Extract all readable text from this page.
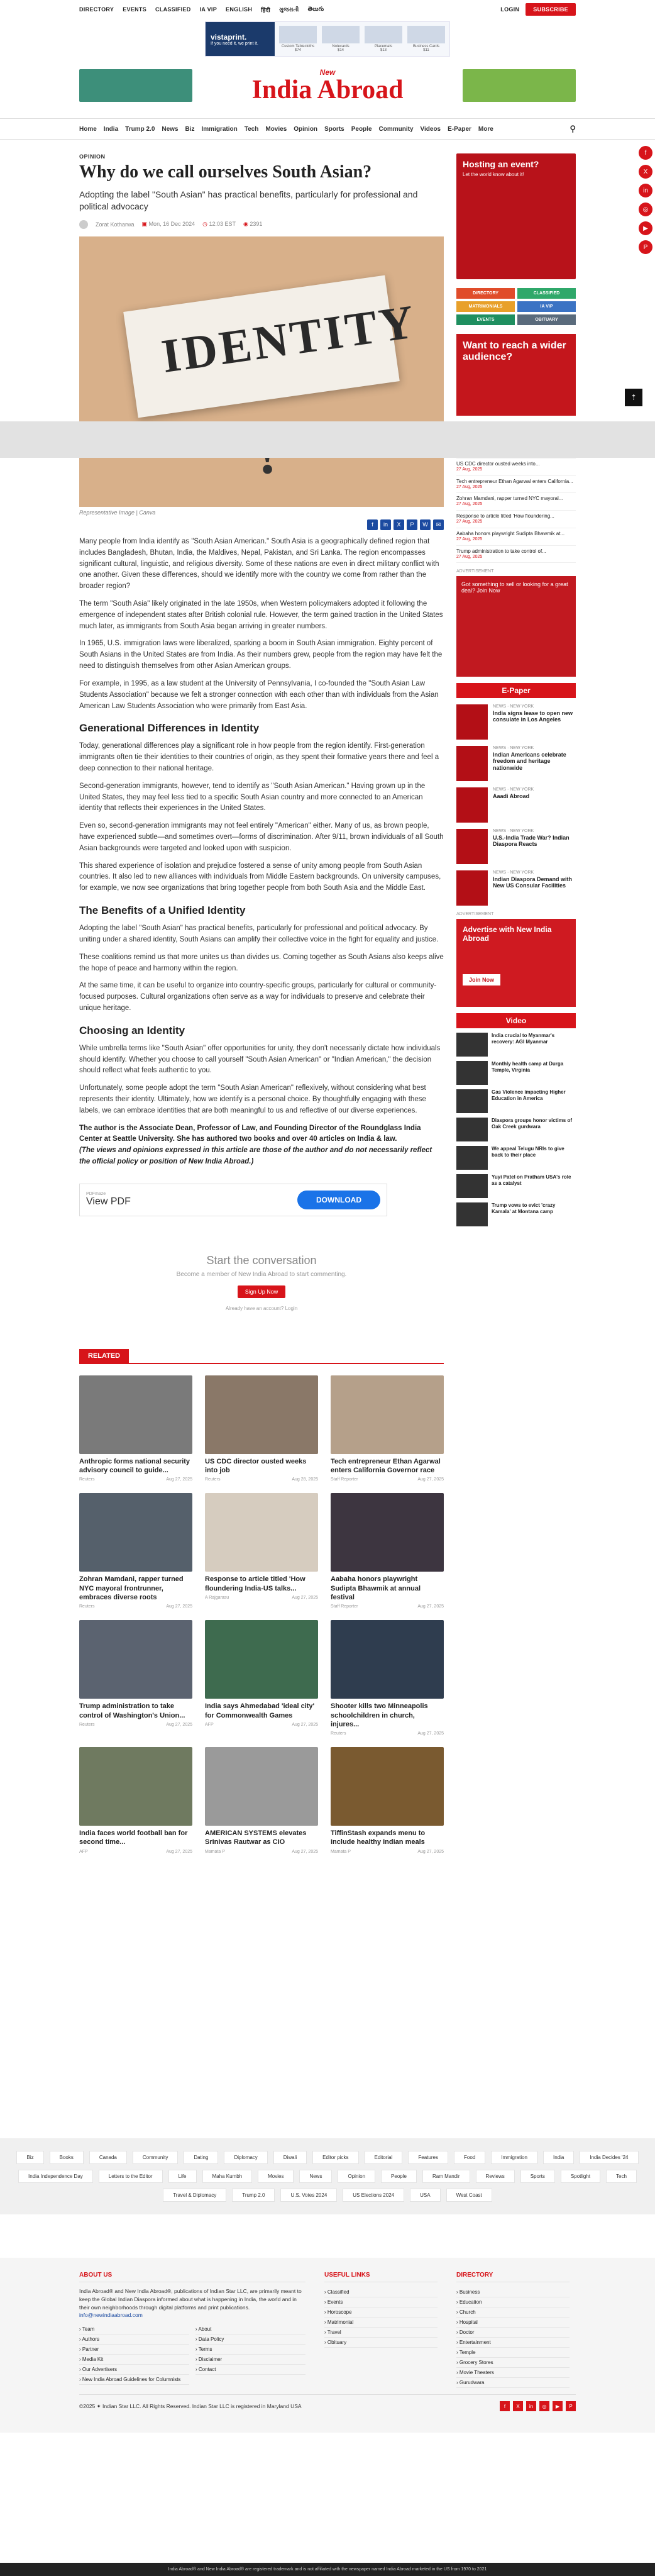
DIRECTORY EVENTS CLASSIFIED IA VIP ENGLISH हिंदी ગુજરાતી తెలుగు	LOGIN	SUBSCRIBE
vistaprint.
If you need it, we print it.
Custom Tablecloths
$74
Notecards
$14
Placemats
$13
Business Cards
$11
New
India Abroad
Home India Trump 2.0 News Biz Immigration Tech Movies Opinion Sports People Community Videos E-Paper More	⚲
OPINION
Why do we call ourselves South Asian?
Adopting the label "South Asian" has practical benefits, particularly for professional and political advocacy
Zorat Kotharwa ▣ Mon, 16 Dec 2024 ◷ 12:03 EST ◉ 2391
IDENTITY
Representative Image | Canva
f	in	X	P	W	✉

Many people from India identify as "South Asian American." South Asia is a geographically defined region that includes Bangladesh, Bhutan, India, the Maldives, Nepal, Pakistan, and Sri Lanka. The region encompasses significant cultural, linguistic, and religious diversity. Some of these nations are even in direct military conflict with one another. Given these differences, should we identify more with the country we come from rather than the broader region?

The term "South Asia" likely originated in the late 1950s, when Western policymakers adopted it following the emergence of independent states after British colonial rule. However, the term gained traction in the United States much later, as immigrants from South Asia began arriving in greater numbers.

In 1965, U.S. immigration laws were liberalized, sparking a boom in South Asian immigration. Eighty percent of South Asians in the United States are from India. As their numbers grew, people from the region may have felt the need to distinguish themselves from other Asian American groups.

For example, in 1995, as a law student at the University of Pennsylvania, I co-founded the "South Asian Law Students Association" because we felt a stronger connection with each other than with individuals from the Asian American Law Students Association who were primarily from East Asia.

Generational Differences in Identity

Today, generational differences play a significant role in how people from the region identify. First-generation immigrants often tie their identities to their countries of origin, as they spent their formative years there and feel a deep connection to their national heritage.

Second-generation immigrants, however, tend to identify as "South Asian American." Having grown up in the United States, they may feel less tied to a specific South Asian country and more connected to an American identity that reflects their experiences in the United States.

Even so, second-generation immigrants may not feel entirely "American" either. Many of us, as brown people, have experienced subtle—and sometimes overt—forms of discrimination. After 9/11, brown individuals of all South Asian backgrounds were targeted and looked upon with suspicion.

This shared experience of isolation and prejudice fostered a sense of unity among people from South Asian countries. It also led to new alliances with individuals from Middle Eastern backgrounds. On university campuses, for example, we now see organizations that bring together people from both South Asia and the Middle East.

The Benefits of a Unified Identity

Adopting the label "South Asian" has practical benefits, particularly for professional and political advocacy. By uniting under a shared identity, South Asians can amplify their collective voice in the fight for equality and justice.

These coalitions remind us that more unites us than divides us. Coming together as South Asians also keeps alive the hope of peace and harmony within the region.

At the same time, it can be useful to organize into country-specific groups, particularly for cultural or community-focused purposes. Cultural organizations often serve as a way for individuals to preserve and celebrate their unique heritage.

Choosing an Identity

While umbrella terms like "South Asian" offer opportunities for unity, they don't necessarily dictate how individuals should identify. Whether you choose to call yourself "South Asian American" or "Indian American," the decision should reflect what feels authentic to you.

Unfortunately, some people adopt the term "South Asian American" reflexively, without considering what best represents their identity. Ultimately, how we identify is a personal choice. By thoughtfully engaging with these labels, we can embrace identities that are both meaningful to us and reflective of our diverse experiences.

The author is the Associate Dean, Professor of Law, and Founding Director of the Roundglass India Center at Seattle University. She has authored two books and over 40 articles on India & law.
(The views and opinions expressed in this article are those of the author and do not necessarily reflect the official policy or position of New India Abroad.)
PDFmaze
View PDF	DOWNLOAD
Start the conversation

Become a member of New India Abroad to start commenting.

Sign Up Now

Already have an account? Login

RELATED
Anthropic forms national security advisory council to guide...
Reuters	Aug 27, 2025
US CDC director ousted weeks into job
Reuters	Aug 28, 2025
Tech entrepreneur Ethan Agarwal enters California Governor race
Staff Reporter	Aug 27, 2025
Zohran Mamdani, rapper turned NYC mayoral frontrunner, embraces diverse roots
Reuters	Aug 27, 2025
Response to article titled 'How floundering India-US talks...
A Rajgarasu	Aug 27, 2025
Aabaha honors playwright Sudipta Bhawmik at annual festival
Staff Reporter	Aug 27, 2025
Trump administration to take control of Washington's Union...
Reuters	Aug 27, 2025
India says Ahmedabad 'ideal city' for Commonwealth Games
AFP	Aug 27, 2025
Shooter kills two Minneapolis schoolchildren in church, injures...
Reuters	Aug 27, 2025
India faces world football ban for second time...
AFP	Aug 27, 2025
AMERICAN SYSTEMS elevates Srinivas Rautwar as CIO
Mamata P	Aug 27, 2025
TiffinStash expands menu to include healthy Indian meals
Mamata P	Aug 27, 2025
Hosting an event?
Let the world know about it!
DIRECTORY	CLASSIFIED
MATRIMONIALS	IA VIP
EVENTS	OBITUARY
Want to reach a wider audience?
US CDC director ousted weeks into...
27 Aug, 2025
Tech entrepreneur Ethan Agarwal enters California...
27 Aug, 2025
Zohran Mamdani, rapper turned NYC mayoral...
27 Aug, 2025
Response to article titled 'How floundering...
27 Aug, 2025
Aabaha honors playwright Sudipta Bhawmik at...
27 Aug, 2025
Trump administration to take control of...
27 Aug, 2025
ADVERTISEMENT
Got something to sell or looking for a great deal? Join Now
E-Paper
NEWS · NEW YORK
India signs lease to open new consulate in Los Angeles
NEWS · NEW YORK
Indian Americans celebrate freedom and heritage nationwide
NEWS · NEW YORK
Aaadi Abroad
NEWS · NEW YORK
U.S.-India Trade War? Indian Diaspora Reacts
NEWS · NEW YORK
Indian Diaspora Demand with New US Consular Facilities
ADVERTISEMENT
Advertise with New India Abroad
Join Now
Video
India crucial to Myanmar's recovery: AGI Myanmar
Monthly health camp at Durga Temple, Virginia
Gas Violence impacting Higher Education in America
Diaspora groups honor victims of Oak Creek gurdwara
We appeal Telugu NRIs to give back to their place
Yuyi Patel on Pratham USA's role as a catalyst
Trump vows to evict 'crazy Kamala' at Montana camp
Biz	Books	Canada	Community	Dating	Diplomacy	Diwali	Editor picks	Editorial	Features	Food	Immigration	India	India Decides '24
India Independence Day	Letters to the Editor	Life	Maha Kumbh	Movies	News	Opinion	People	Ram Mandir	Reviews	Sports	Spotlight	Tech
Travel & Diplomacy	Trump 2.0	U.S. Votes 2024	US Elections 2024	USA	West Coast
ABOUT US

India Abroad® and New India Abroad®, publications of Indian Star LLC, are primarily meant to keep the Global Indian Diaspora informed about what is happening in India, the world and in their own neighborhoods through digital platforms and print publications.

info@newindiaabroad.com

› Team	› About
› Authors	› Data Policy
› Partner	› Terms
› Media Kit	› Disclaimer
› Our Advertisers	› Contact
› New India Abroad Guidelines for Columnists
USEFUL LINKS
› Classified
› Events
› Horoscope
› Matrimonial
› Travel
› Obituary
DIRECTORY
› Business
› Education
› Church
› Hospital
› Doctor
› Entertainment
› Temple
› Grocery Stores
› Movie Theaters
› Gurudwara
©2025 ✦ Indian Star LLC. All Rights Reserved. Indian Star LLC is registered in Maryland USA	f	X	in	◎	▶	P
India Abroad® and New India Abroad® are registered trademark and is not affiliated with the newspaper named India Abroad marketed in the US from 1970 to 2021
f
X
in
◎
▶
P
⇡
